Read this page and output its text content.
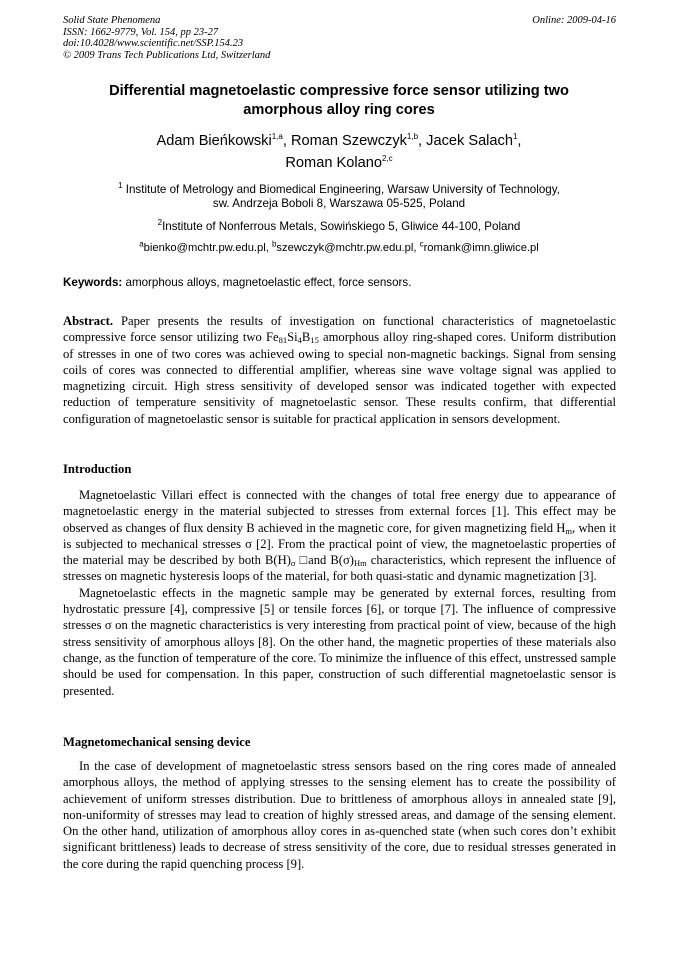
Solid State Phenomena
ISSN: 1662-9779, Vol. 154, pp 23-27
doi:10.4028/www.scientific.net/SSP.154.23
© 2009 Trans Tech Publications Ltd, Switzerland
Online: 2009-04-16
Differential magnetoelastic compressive force sensor utilizing two
amorphous alloy ring cores
Adam Bieńkowski$^{1,a}$, Roman Szewczyk$^{1,b}$, Jacek Salach$^1$,
Roman Kolano$^{2,c}$
$^1$ Institute of Metrology and Biomedical Engineering, Warsaw University of Technology,
sw. Andrzeja Boboli 8, Warszawa 05-525, Poland
$^2$Institute of Nonferrous Metals, Sowińskiego 5, Gliwice 44-100, Poland
$^a$bienko@mchtr.pw.edu.pl, $^b$szewczyk@mchtr.pw.edu.pl, $^c$romank@imn.gliwice.pl
Keywords: amorphous alloys, magnetoelastic effect, force sensors.
Abstract. Paper presents the results of investigation on functional characteristics of magnetoelastic compressive force sensor utilizing two $Fe_{81}Si_4B_{15}$ amorphous alloy ring-shaped cores. Uniform distribution of stresses in one of two cores was achieved owing to special non-magnetic backings. Signal from sensing coils of cores was connected to differential amplifier, whereas sine wave voltage signal was applied to magnetizing circuit. High stress sensitivity of developed sensor was indicated together with expected reduction of temperature sensitivity of magnetoelastic sensor. These results confirm, that differential configuration of magnetoelastic sensor is suitable for practical application in sensors development.
Introduction

Magnetoelastic Villari effect is connected with the changes of total free energy due to appearance of magnetoelastic energy in the material subjected to stresses from external forces [1]. This effect may be observed as changes of flux density B achieved in the magnetic core, for given magnetizing field $H_m$, when it is subjected to mechanical stresses σ [2]. From the practical point of view, the magnetoelastic properties of the material may be described by both $B(H)_\sigma$ □and $B(\sigma)_{Hm}$ characteristics, which represent the influence of stresses on magnetic hysteresis loops of the material, for both quasi-static and dynamic magnetization [3].

Magnetoelastic effects in the magnetic sample may be generated by external forces, resulting from hydrostatic pressure [4], compressive [5] or tensile forces [6], or torque [7]. The influence of compressive stresses σ on the magnetic characteristics is very interesting from practical point of view, because of the high stress sensitivity of amorphous alloys [8]. On the other hand, the magnetic properties of these materials also change, as the function of temperature of the core. To minimize the influence of this effect, unstressed sample should be used for compensation. In this paper, construction of such differential magnetoelastic sensor is presented.

Magnetomechanical sensing device

In the case of development of magnetoelastic stress sensors based on the ring cores made of annealed amorphous alloys, the method of applying stresses to the sensing element has to create the possibility of achievement of uniform stresses distribution. Due to brittleness of amorphous alloys in annealed state [9], non-uniformity of stresses may lead to creation of highly stressed areas, and damage of the sensing element. On the other hand, utilization of amorphous alloy cores in as-quenched state (when such cores don’t exhibit significant brittleness) leads to decrease of stress sensitivity of the core, due to residual stresses generated in the core during the rapid quenching process [9].
